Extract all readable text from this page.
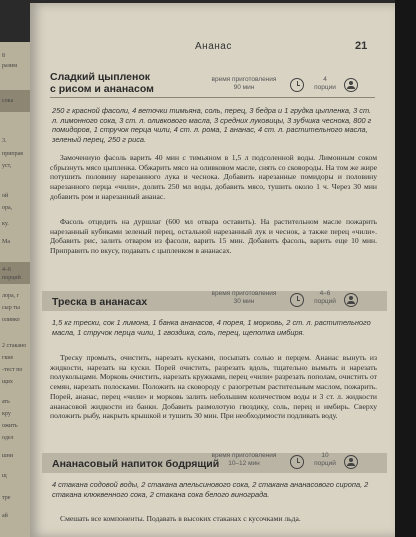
8
разим
сока
3.
приправ
уст,
ой
ора,
ку.
Ма
4–6
порций
лора, г
сыр ты
оливко
2 стакано
гкие
-тест по
щих
ать
кру
ожить
одел
шни
щ
тре
ай
Ананас	21
Сладкий цыпленок
с рисом и ананасом
время приготовления
90 мин
4
порции
250 г красной фасоли, 4 веточки тимьяна, соль, перец, 3 бедра и 1 грудка цыпленка, 3 ст. л. лимонного сока, 3 ст. л. оливкового масла, 3 средних луковицы, 3 зубчика чеснока, 800 г помидоров, 1 стручок перца чили, 4 ст. л. рома, 1 ананас, 4 ст. л. растительного масла, зеленый перец, 250 г риса.
Замоченную фасоль варить 40 мин с тимьяном в 1,5 л подсоленной воды. Лимонным соком сбрызнуть мясо цыпленка. Обжарить мясо на оливковом масле, снять со сковороды. На том же жире потушить половину нарезанного лука и чеснока. Добавить нарезанные помидоры и половину нарезанного перца «чили», долить 250 мл воды, добавить мясо, тушить около 1 ч. Через 30 мин добавить ром и нарезанный ананас.
Фасоль отцедить на дуршлаг (600 мл отвара оставить). На растительном масле пожарить нарезанный кубиками зеленый перец, остальной нарезанный лук и чеснок, а также перец «чили». Добавить рис, залить отваром из фасоли, варить 15 мин. Добавить фасоль, варить еще 10 мин. Приправить по вкусу, подавать с цыпленком в ананасах.
Треска в ананасах
время приготовления
30 мин
4–6
порций
1,5 кг трески, сок 1 лимона, 1 банка ананасов, 4 порея, 1 морковь, 2 ст. л. растительного масла, 1 стручок перца чили, 1 гвоздика, соль, перец, щепотка имбиря.
Треску промыть, очистить, нарезать кусками, посыпать солью и перцем. Ананас вынуть из жидкости, нарезать на куски. Порей очистить, разрезать вдоль, тщательно вымыть и нарезать полукольцами. Морковь очистить, нарезать кружками, перец «чили» разрезать пополам, очистить от семян, нарезать полосками. Положить на сковороду с разогретым растительным маслом, пожарить. Порей, ананас, перец «чили» и морковь залить небольшим количеством воды и 3 ст. л. жидкости ананасовой жидкости из банки. Добавить размолотую гвоздику, соль, перец и имбирь. Сверху положить рыбу, накрыть крышкой и тушить 30 мин. При необходимости подливать воду.
Ананасовый напиток бодрящий
время приготовления
10–12 мин
10
порций
4 стакана содовой воды, 2 стакана апельсинового сока, 2 стакана ананасового сиропа, 2 стакана клюквенного сока, 2 стакана сока белого винограда.
Смешать все компоненты. Подавать в высоких стаканах с кусочками льда.
